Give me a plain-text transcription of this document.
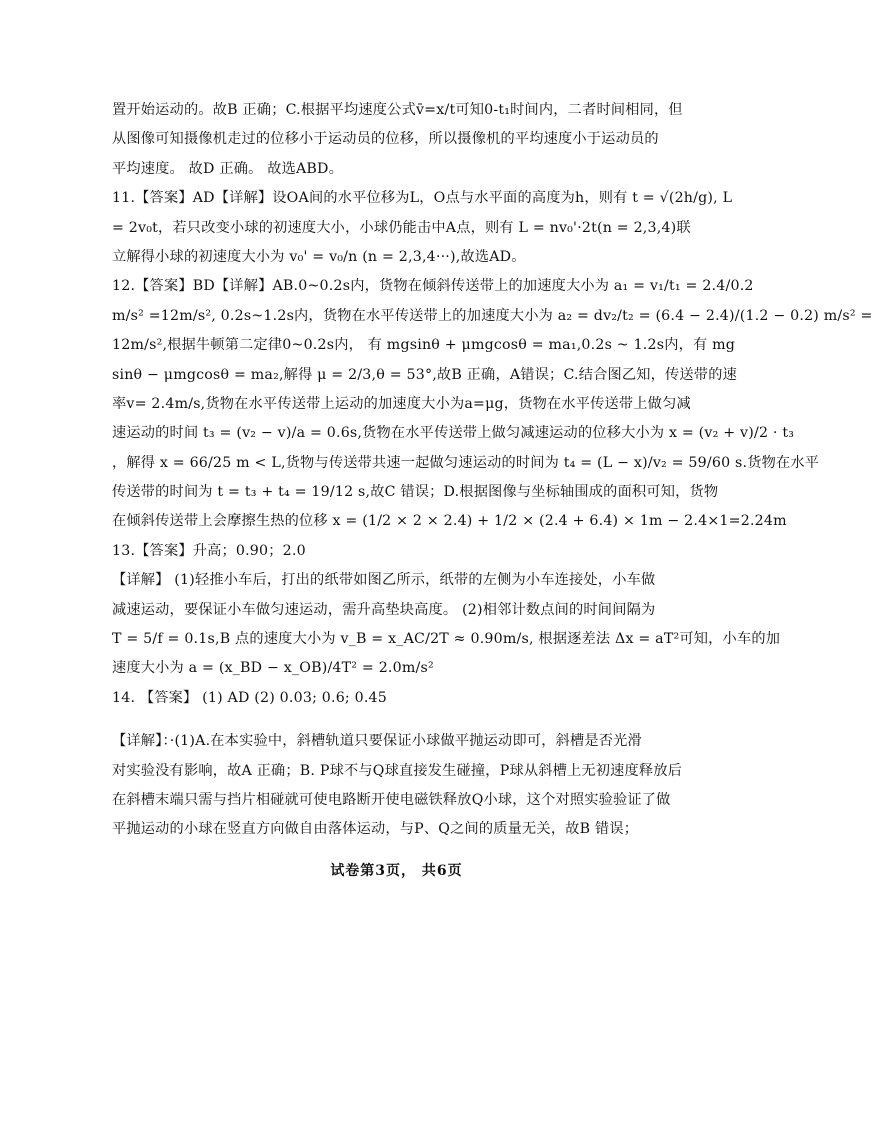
置开始运动的。故B 正确；C.根据平均速度公式v̄=x/t可知0-t₁时间内，二者时间相同，但
从图像可知摄像机走过的位移小于运动员的位移，所以摄像机的平均速度小于运动员的
平均速度。 故D 正确。 故选ABD。
11.【答案】AD【详解】设OA间的水平位移为L，O点与水平面的高度为h，则有 t = √(2h/g), L
= 2v₀t，若只改变小球的初速度大小，小球仍能击中A点，则有 L = nv₀'·2t(n = 2,3,4)联
立解得小球的初速度大小为 v₀' = v₀/n (n = 2,3,4···),故选AD。
12.【答案】BD【详解】AB.0~0.2s内，货物在倾斜传送带上的加速度大小为 a₁ = v₁/t₁ = 2.4/0.2
m/s² =12m/s², 0.2s~1.2s内，货物在水平传送带上的加速度大小为 a₂ = dv₂/t₂ = (6.4 − 2.4)/(1.2 − 0.2) m/s² =
12m/s²,根据牛顿第二定律0~0.2s内， 有 mgsinθ + μmgcosθ = ma₁,0.2s ~ 1.2s内，有 mg
sinθ − μmgcosθ = ma₂,解得 μ = 2/3,θ = 53°,故B 正确，A错误；C.结合图乙知，传送带的速
率v= 2.4m/s,货物在水平传送带上运动的加速度大小为a=μg，货物在水平传送带上做匀减
速运动的时间 t₃ = (v₂ − v)/a = 0.6s,货物在水平传送带上做匀减速运动的位移大小为 x = (v₂ + v)/2 · t₃
，解得 x = 66/25 m < L,货物与传送带共速一起做匀速运动的时间为 t₄ = (L − x)/v₂ = 59/60 s.货物在水平
传送带的时间为 t = t₃ + t₄ = 19/12 s,故C 错误；D.根据图像与坐标轴围成的面积可知，货物
在倾斜传送带上会摩擦生热的位移 x = (1/2 × 2 × 2.4) + 1/2 × (2.4 + 6.4) × 1m − 2.4×1=2.24m
13.【答案】升高；0.90；2.0
【详解】 (1)轻推小车后，打出的纸带如图乙所示，纸带的左侧为小车连接处，小车做
减速运动，要保证小车做匀速运动，需升高垫块高度。 (2)相邻计数点间的时间间隔为
T = 5/f = 0.1s,B 点的速度大小为 v_B = x_AC/2T ≈ 0.90m/s, 根据逐差法 Δx = aT²可知，小车的加
速度大小为 a = (x_BD − x_OB)/4T² = 2.0m/s²
14. 【答案】 (1) AD (2) 0.03; 0.6; 0.45
【详解】：·(1)A.在本实验中，斜槽轨道只要保证小球做平抛运动即可，斜槽是否光滑
对实验没有影响，故A 正确；B. P球不与Q球直接发生碰撞，P球从斜槽上无初速度释放后
在斜槽末端只需与挡片相碰就可使电路断开使电磁铁释放Q小球，这个对照实验验证了做
平抛运动的小球在竖直方向做自由落体运动，与P、Q之间的质量无关，故B 错误；
试卷第3页， 共6页
